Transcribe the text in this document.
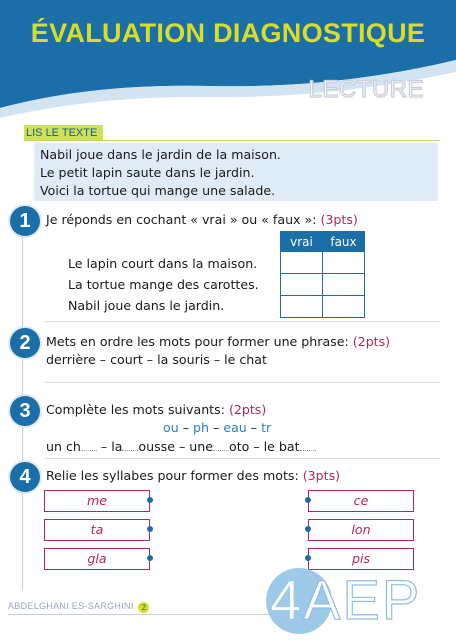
ÉVALUATION DIAGNOSTIQUE
LECTURE
LIS LE TEXTE
Nabil joue dans le jardin de la maison.
Le petit lapin saute dans le jardin.
Voici la tortue qui mange une salade.
1	Je réponds en cochant « vrai » ou « faux »: (3pts)
vrai	faux

Le lapin court dans la maison.
La tortue mange des carottes.
Nabil joue dans le jardin.
2	Mets en ordre les mots pour former une phrase: (2pts)
derrière – court – la souris – le chat
3	Complète les mots suivants: (2pts)
ou – ph – eau – tr
un ch – la ousse – une oto – le bat
4	Relie les syllabes pour former des mots: (3pts)
me
ta
gla
ce
lon
pis
ABDELGHANI ES-SARGHINI 2 4AEP
